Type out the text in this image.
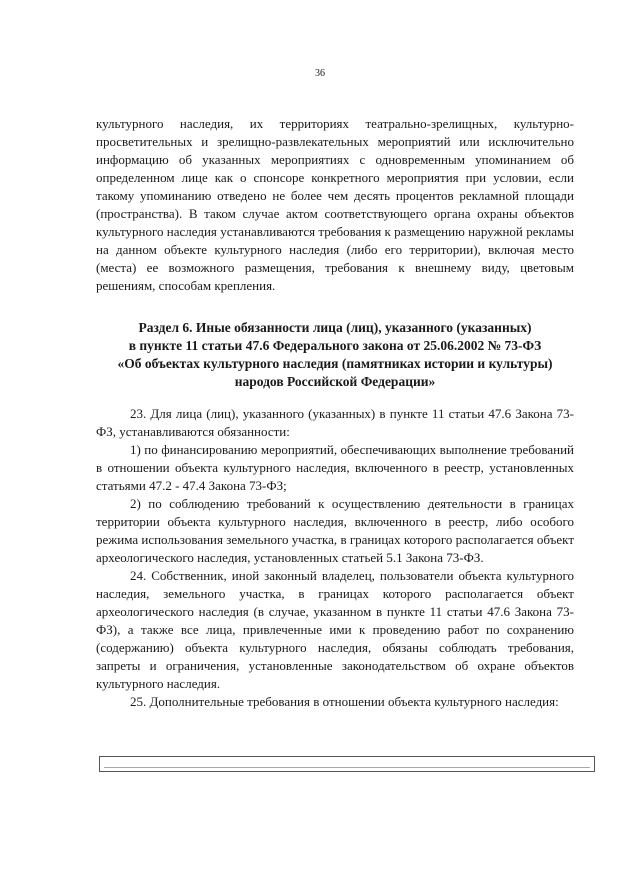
36

культурного наследия, их территориях театрально-зрелищных, культурно-просветительных и зрелищно-развлекательных мероприятий или исключительно информацию об указанных мероприятиях с одновременным упоминанием об определенном лице как о спонсоре конкретного мероприятия при условии, если такому упоминанию отведено не более чем десять процентов рекламной площади (пространства). В таком случае актом соответствующего органа охраны объектов культурного наследия устанавливаются требования к размещению наружной рекламы на данном объекте культурного наследия (либо его территории), включая место (места) ее возможного размещения, требования к внешнему виду, цветовым решениям, способам крепления.

Раздел 6. Иные обязанности лица (лиц), указанного (указанных)
в пункте 11 статьи 47.6 Федерального закона от 25.06.2002 № 73-ФЗ
«Об объектах культурного наследия (памятниках истории и культуры)
народов Российской Федерации»

23. Для лица (лиц), указанного (указанных) в пункте 11 статьи 47.6 Закона 73-ФЗ, устанавливаются обязанности:

1) по финансированию мероприятий, обеспечивающих выполнение требований в отношении объекта культурного наследия, включенного в реестр, установленных статьями 47.2 - 47.4 Закона 73-ФЗ;

2) по соблюдению требований к осуществлению деятельности в границах территории объекта культурного наследия, включенного в реестр, либо особого режима использования земельного участка, в границах которого располагается объект археологического наследия, установленных статьей 5.1 Закона 73-ФЗ.

24. Собственник, иной законный владелец, пользователи объекта культурного наследия, земельного участка, в границах которого располагается объект археологического наследия (в случае, указанном в пункте 11 статьи 47.6 Закона 73-ФЗ), а также все лица, привлеченные ими к проведению работ по сохранению (содержанию) объекта культурного наследия, обязаны соблюдать требования, запреты и ограничения, установленные законодательством об охране объектов культурного наследия.

25. Дополнительные требования в отношении объекта культурного наследия:
